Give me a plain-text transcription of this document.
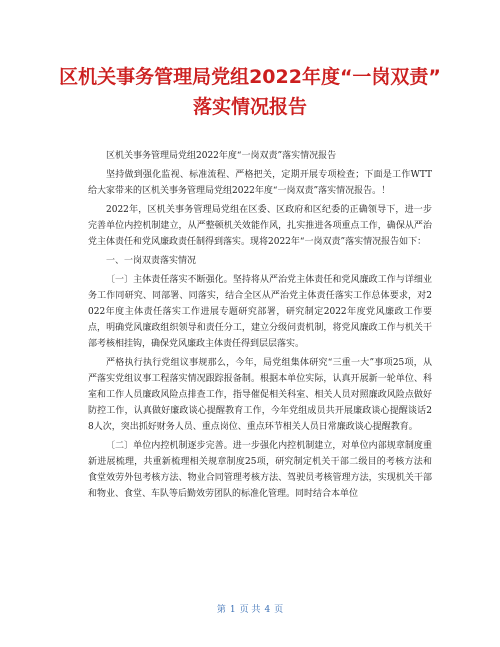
区机关事务管理局党组2022年度“一岗双责”
落实情况报告

区机关事务管理局党组2022年度“一岗双责”落实情况报告

坚持做到强化监视、标准流程、严格把关，定期开展专项检查；下面是工作WTT给大家带来的区机关事务管理局党组2022年度“一岗双责”落实情况报告。！

2022年，区机关事务管理局党组在区委、区政府和区纪委的正确领导下，进一步完善单位内控机制建立，从严整顿机关效能作风，扎实推进各项重点工作，确保从严治党主体责任和党风廉政责任制得到落实。现将2022年“一岗双责”落实情况报告如下：

一、一岗双责落实情况

〔一〕主体责任落实不断强化。坚持将从严治党主体责任和党风廉政工作与详细业务工作同研究、同部署、同落实，结合全区从严治党主体责任落实工作总体要求，对2022年度主体责任落实工作进展专题研究部署，研究制定2022年度党风廉政工作要点，明确党风廉政组织领导和责任分工，建立分级问责机制，将党风廉政工作与机关干部考核相挂钩，确保党风廉政主体责任得到层层落实。

严格执行执行党组议事规那么，今年，局党组集体研究“三重一大”事项25项，从严落实党组议事工程落实情况跟踪报备制。根据本单位实际，认真开展新一轮单位、科室和工作人员廉政风险点排查工作，指导催促相关科室、相关人员对照廉政风险点做好防控工作，认真做好廉政谈心提醒教育工作，今年党组成员共开展廉政谈心提醒谈话28人次，突出抓好财务人员、重点岗位、重点环节相关人员日常廉政谈心提醒教育。

〔二〕单位内控机制逐步完善。进一步强化内控机制建立，对单位内部规章制度重新进展梳理，共重新梳理相关规章制度25项，研究制定机关干部二级目的考核方法和食堂效劳外包考核方法、物业合同管理考核方法、驾驶员考核管理方法，实现机关干部和物业、食堂、车队等后勤效劳团队的标准化管理。同时结合本单位

第 1 页 共 4 页
